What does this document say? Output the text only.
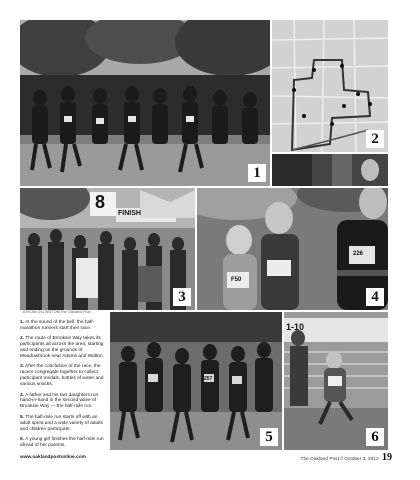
1
2
8
FINISH
3
F50
226
4
JOYLAN OLLINGTON/The Oakland Post

1. At the sound of the bell, the half-marathon runners start their race.

2. The route of Brooksie Way takes its participants all across the area, starting and ending on the grounds of Meadowbrook near Adams and Walton.

3. After the conclusion of the race, the racers congregate together to collect participant medals, bottles of water and various snacks.

4. A father and his two daughters run hand-in-hand in the second wave of Brooksie Way — the half-mile run.

5. The half-mile run starts off with an adult sprint and a wide variety of adults and children participate.

6. A young girl finishes the half-mile run ahead of her parents.

257
5
1-10
6
www.oaklandpostonline.com	The Oakland Post // October 3, 2012 19
